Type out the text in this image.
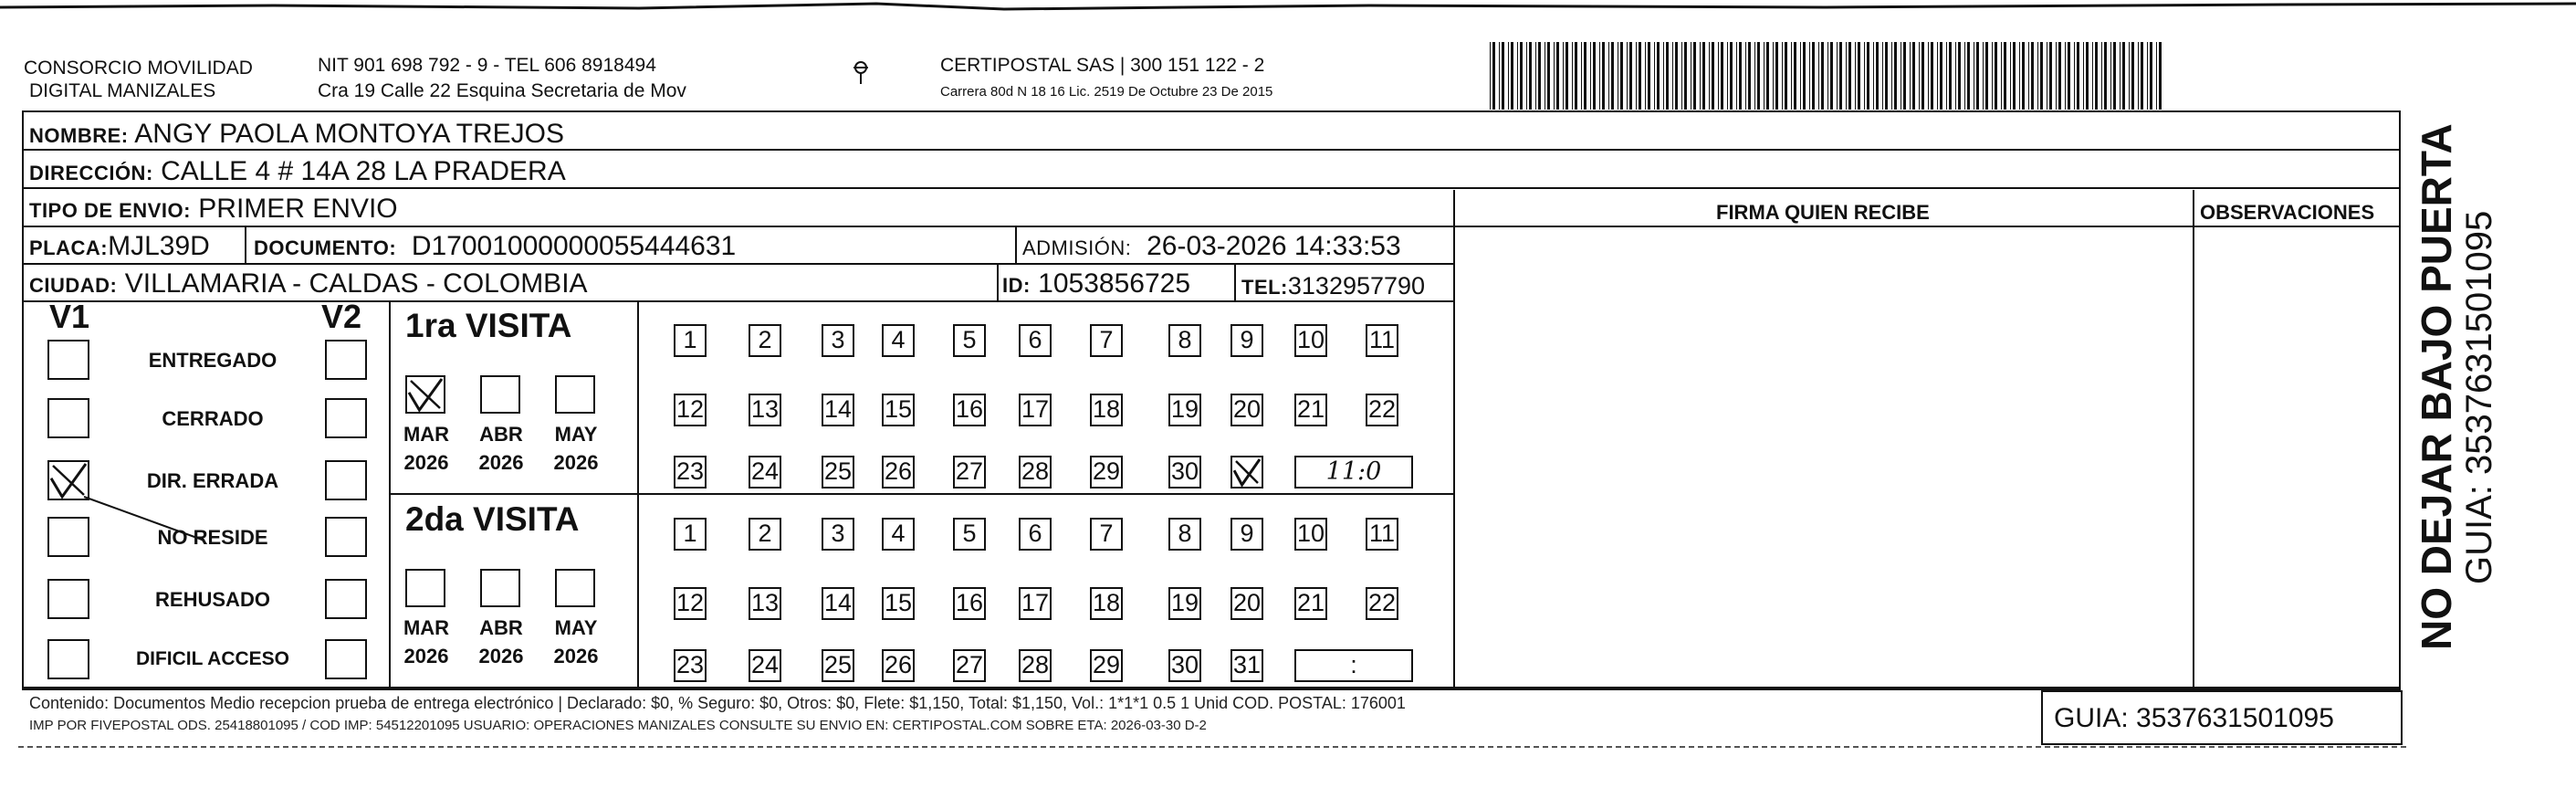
CONSORCIO MOVILIDAD
DIGITAL MANIZALES
NIT 901 698 792 - 9 - TEL 606 8918494
Cra 19 Calle 22 Esquina Secretaria de Mov
CERTIPOSTAL SAS | 300 151 122 - 2
Carrera 80d N 18 16 Lic. 2519 De Octubre 23 De 2015
NOMBRE: ANGY PAOLA MONTOYA TREJOS
DIRECCIÓN: CALLE 4 # 14A 28 LA PRADERA
TIPO DE ENVIO: PRIMER ENVIO	FIRMA QUIEN RECIBE	OBSERVACIONES
PLACA:MJL39D DOCUMENTO: D17001000000055444631	ADMISIÓN: 26-03-2026 14:33:53
CIUDAD: VILLAMARIA - CALDAS - COLOMBIA	ID: 1053856725	TEL:3132957790
V1	V2
Contenido: Documentos Medio recepcion prueba de entrega electrónico | Declarado: $0, % Seguro: $0, Otros: $0, Flete: $1,150, Total: $1,150, Vol.: 1*1*1 0.5 1 Unid COD. POSTAL: 176001
IMP POR FIVEPOSTAL ODS. 25418801095 / COD IMP: 54512201095 USUARIO: OPERACIONES MANIZALES CONSULTE SU ENVIO EN: CERTIPOSTAL.COM SOBRE ETA: 2026-03-30 D-2	GUIA: 3537631501095
NO DEJAR BAJO PUERTA GUIA: 3537631501095
ENTREGADO
CERRADO
DIR. ERRADA
NO RESIDE
REHUSADO
DIFICIL ACCESO
1ra VISITA
MAR
2026
ABR
2026
MAY
2026
1	2	3	4	5	6	7	8	9	10 11
12 13 14 15 16 17 18 19 20 21 22
23 24 25 26 27 28 29 30	11:0
2da VISITA
MAR
2026
ABR
2026
MAY
2026
1	2	3	4	5	6	7	8	9	10 11
12 13 14 15 16 17 18 19 20 21 22
23 24 25 26 27 28 29 30 31	:
